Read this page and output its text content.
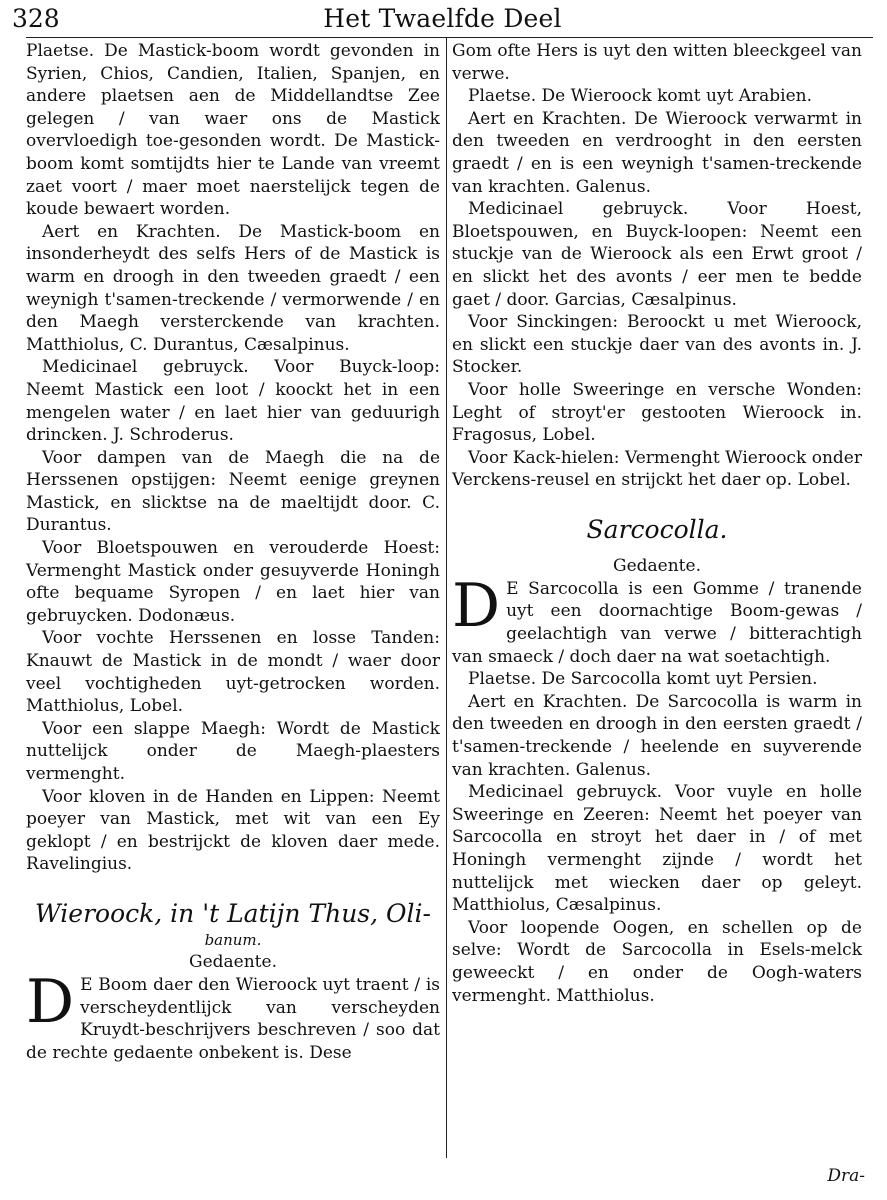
328	Het Twaelfde Deel

Plaetse. De Mastick-boom wordt gevonden in Syrien, Chios, Candien, Italien, Spanjen, en andere plaetsen aen de Middellandtse Zee gelegen / van waer ons de Mastick overvloedigh toe-gesonden wordt. De Mastick-boom komt somtijdts hier te Lande van vreemt zaet voort / maer moet naerstelijck tegen de koude bewaert worden.

Aert en Krachten. De Mastick-boom en insonderheydt des selfs Hers of de Mastick is warm en droogh in den tweeden graedt / een weynigh t'samen-treckende / vermorwende / en den Maegh versterckende van krachten. Matthiolus, C. Durantus, Cæsalpinus.

Medicinael gebruyck. Voor Buyck-loop: Neemt Mastick een loot / koockt het in een mengelen water / en laet hier van geduurigh drincken. J. Schroderus.

Voor dampen van de Maegh die na de Herssenen opstijgen: Neemt eenige greynen Mastick, en slicktse na de maeltijdt door. C. Durantus.

Voor Bloetspouwen en verouderde Hoest: Vermenght Mastick onder gesuyverde Honingh ofte bequame Syropen / en laet hier van gebruycken. Dodonæus.

Voor vochte Herssenen en losse Tanden: Knauwt de Mastick in de mondt / waer door veel vochtigheden uyt-getrocken worden. Matthiolus, Lobel.

Voor een slappe Maegh: Wordt de Mastick nuttelijck onder de Maegh-plaesters vermenght.

Voor kloven in de Handen en Lippen: Neemt poeyer van Mastick, met wit van een Ey geklopt / en bestrijckt de kloven daer mede. Ravelingius.

Wieroock, in 't Latijn Thus, Oli-

banum.

Gedaente.

DE Boom daer den Wieroock uyt traent / is verscheydentlijck van verscheyden Kruydt-beschrijvers beschreven / soo dat de rechte gedaente onbekent is. Dese

Gom ofte Hers is uyt den witten bleeckgeel van verwe.

Plaetse. De Wieroock komt uyt Arabien.

Aert en Krachten. De Wieroock verwarmt in den tweeden en verdrooght in den eersten graedt / en is een weynigh t'samen-treckende van krachten. Galenus.

Medicinael gebruyck. Voor Hoest, Bloetspouwen, en Buyck-loopen: Neemt een stuckje van de Wieroock als een Erwt groot / en slickt het des avonts / eer men te bedde gaet / door. Garcias, Cæsalpinus.

Voor Sinckingen: Beroockt u met Wieroock, en slickt een stuckje daer van des avonts in. J. Stocker.

Voor holle Sweeringe en versche Wonden: Leght of stroyt'er gestooten Wieroock in. Fragosus, Lobel.

Voor Kack-hielen: Vermenght Wieroock onder Verckens-reusel en strijckt het daer op. Lobel.

Sarcocolla.

Gedaente.

DE Sarcocolla is een Gomme / tranende uyt een doornachtige Boom-gewas / geelachtigh van verwe / bitterachtigh van smaeck / doch daer na wat soetachtigh.

Plaetse. De Sarcocolla komt uyt Persien.

Aert en Krachten. De Sarcocolla is warm in den tweeden en droogh in den eersten graedt / t'samen-treckende / heelende en suyverende van krachten. Galenus.

Medicinael gebruyck. Voor vuyle en holle Sweeringe en Zeeren: Neemt het poeyer van Sarcocolla en stroyt het daer in / of met Honingh vermenght zijnde / wordt het nuttelijck met wiecken daer op geleyt. Matthiolus, Cæsalpinus.

Voor loopende Oogen, en schellen op de selve: Wordt de Sarcocolla in Esels-melck geweeckt / en onder de Oogh-waters vermenght. Matthiolus.

Dra-
